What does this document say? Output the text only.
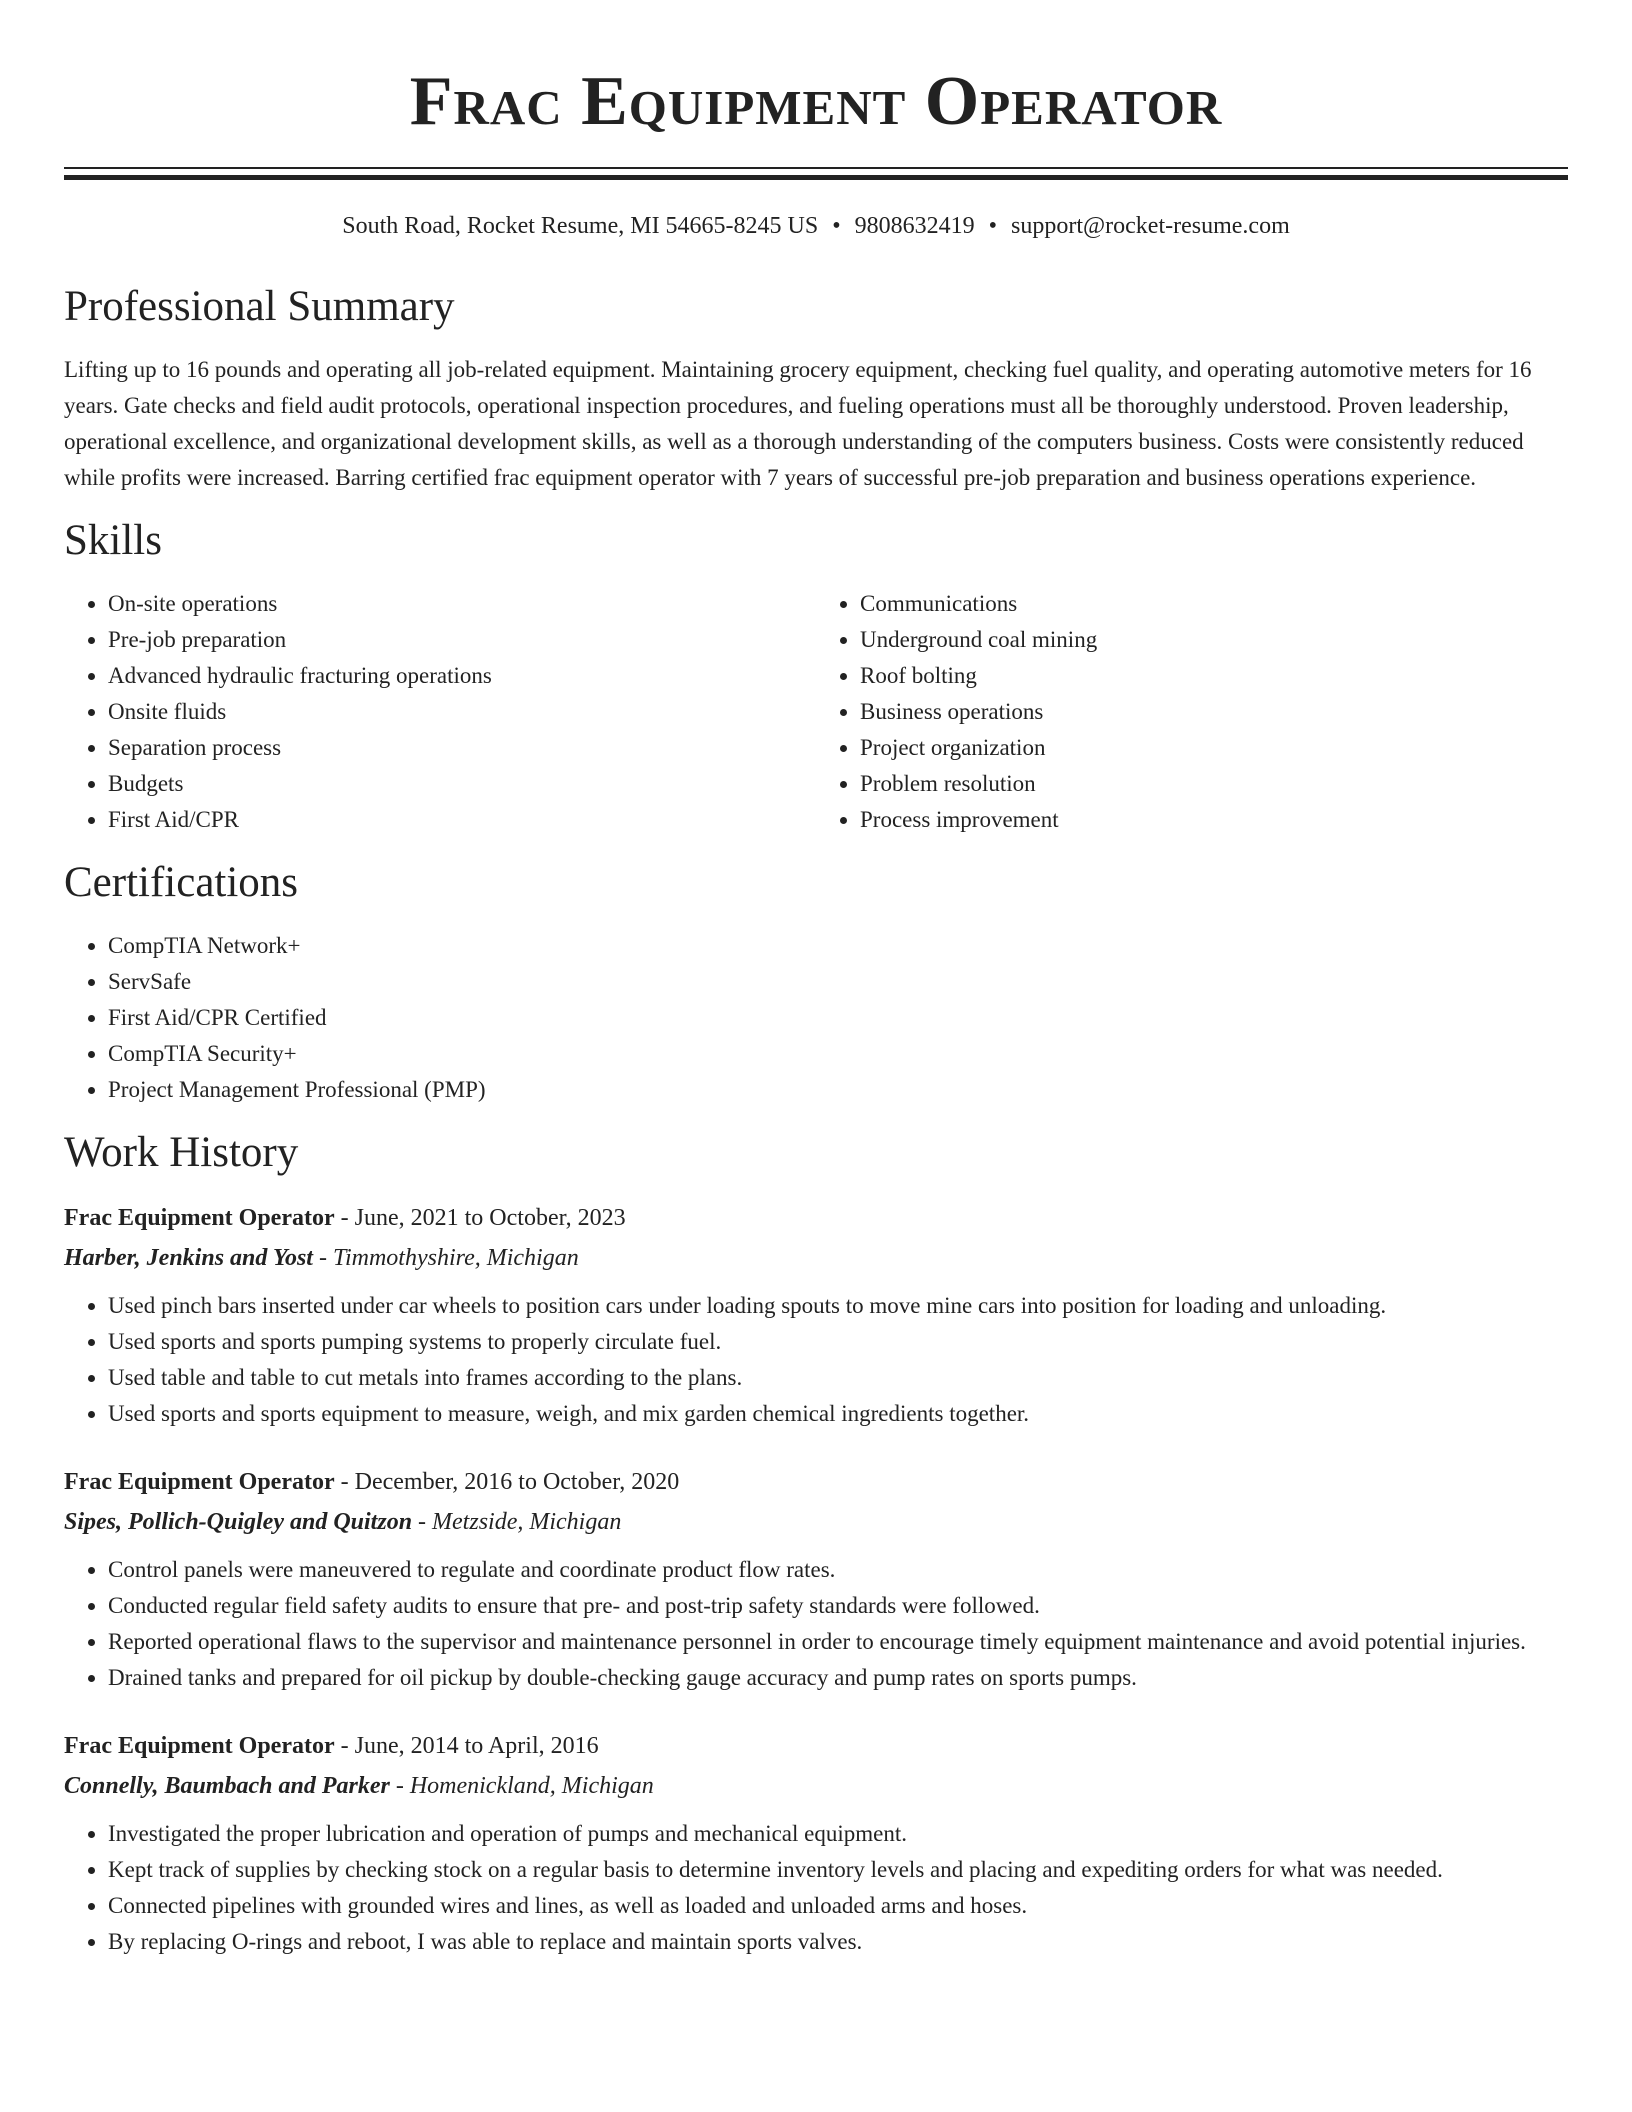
Frac Equipment Operator
South Road, Rocket Resume, MI 54665-8245 US • 9808632419 • support@rocket-resume.com
Professional Summary

Lifting up to 16 pounds and operating all job-related equipment. Maintaining grocery equipment, checking fuel quality, and operating automotive meters for 16 years. Gate checks and field audit protocols, operational inspection procedures, and fueling operations must all be thoroughly understood. Proven leadership, operational excellence, and organizational development skills, as well as a thorough understanding of the computers business. Costs were consistently reduced while profits were increased. Barring certified frac equipment operator with 7 years of successful pre-job preparation and business operations experience.

Skills
• On-site operations
• Pre-job preparation
• Advanced hydraulic fracturing operations
• Onsite fluids
• Separation process
• Budgets
• First Aid/CPR
• Communications
• Underground coal mining
• Roof bolting
• Business operations
• Project organization
• Problem resolution
• Process improvement
Certifications
• CompTIA Network+
• ServSafe
• First Aid/CPR Certified
• CompTIA Security+
• Project Management Professional (PMP)
Work History
Frac Equipment Operator - June, 2021 to October, 2023
Harber, Jenkins and Yost - Timmothyshire, Michigan
• Used pinch bars inserted under car wheels to position cars under loading spouts to move mine cars into position for loading and unloading.
• Used sports and sports pumping systems to properly circulate fuel.
• Used table and table to cut metals into frames according to the plans.
• Used sports and sports equipment to measure, weigh, and mix garden chemical ingredients together.
Frac Equipment Operator - December, 2016 to October, 2020
Sipes, Pollich-Quigley and Quitzon - Metzside, Michigan
• Control panels were maneuvered to regulate and coordinate product flow rates.
• Conducted regular field safety audits to ensure that pre- and post-trip safety standards were followed.
• Reported operational flaws to the supervisor and maintenance personnel in order to encourage timely equipment maintenance and avoid potential injuries.
• Drained tanks and prepared for oil pickup by double-checking gauge accuracy and pump rates on sports pumps.
Frac Equipment Operator - June, 2014 to April, 2016
Connelly, Baumbach and Parker - Homenickland, Michigan
• Investigated the proper lubrication and operation of pumps and mechanical equipment.
• Kept track of supplies by checking stock on a regular basis to determine inventory levels and placing and expediting orders for what was needed.
• Connected pipelines with grounded wires and lines, as well as loaded and unloaded arms and hoses.
• By replacing O-rings and reboot, I was able to replace and maintain sports valves.
